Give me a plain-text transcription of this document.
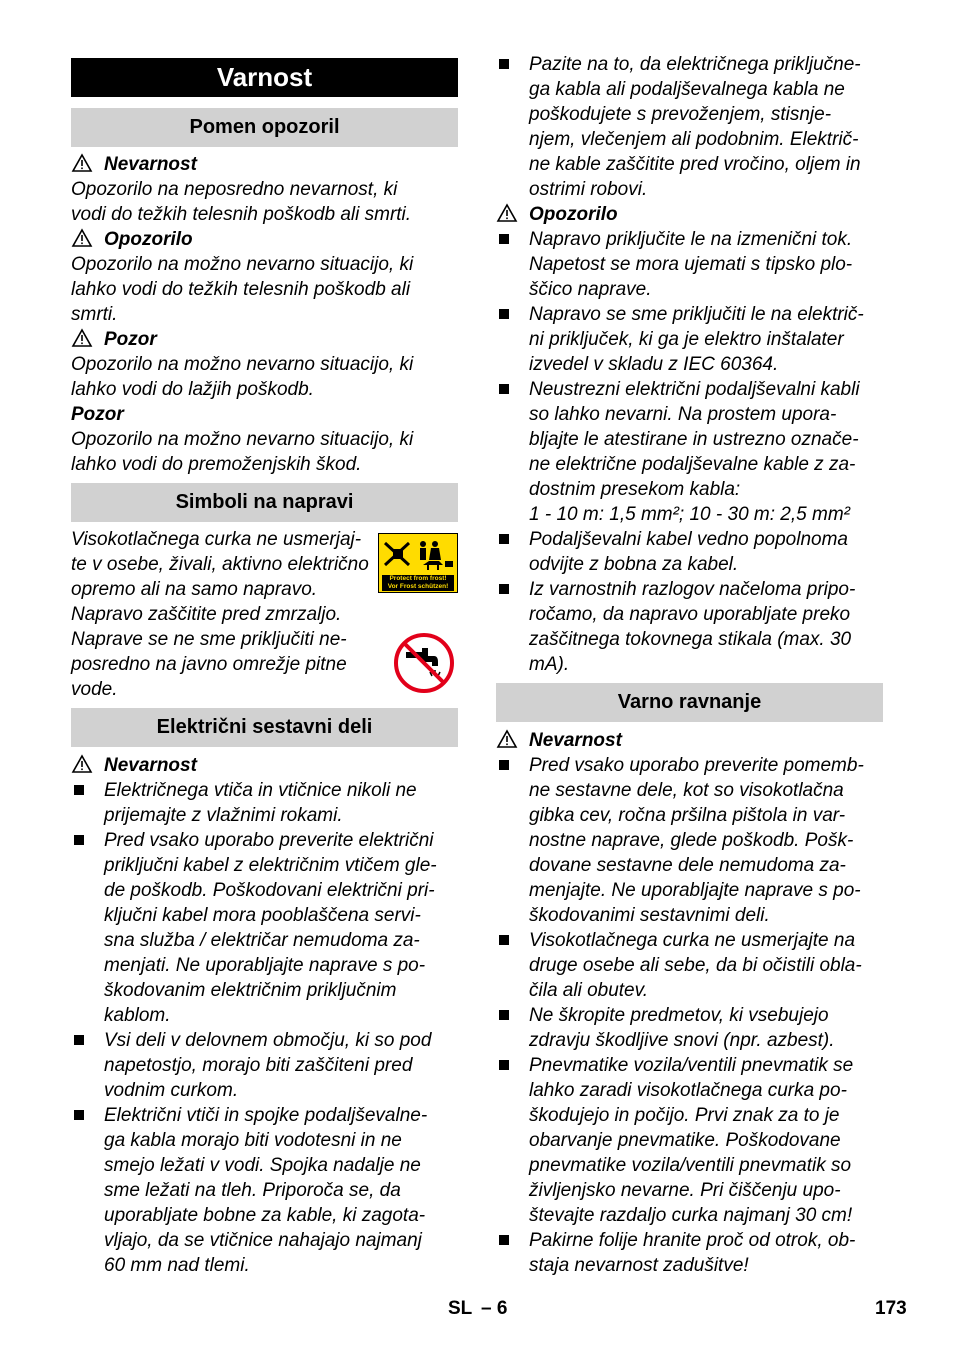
Varnost
Pomen opozoril
Nevarnost
Opozorilo na neposredno nevarnost, ki
vodi do težkih telesnih poškodb ali smrti.
Opozorilo
Opozorilo na možno nevarno situacijo, ki
lahko vodi do težkih telesnih poškodb ali
smrti.
Pozor
Opozorilo na možno nevarno situacijo, ki
lahko vodi do lažjih poškodb.
Pozor
Opozorilo na možno nevarno situacijo, ki
lahko vodi do premoženjskih škod.
Simboli na napravi
Visokotlačnega curka ne usmerjaj-
te v osebe, živali, aktivno električno
opremo ali na samo napravo.
Napravo zaščitite pred zmrzaljo.
Naprave se ne sme priključiti ne-
posredno na javno omrežje pitne
vode.
Protect from frost!
Vor Frost schützen!
Električni sestavni deli
Nevarnost
Električnega vtiča in vtičnice nikoli ne
prijemajte z vlažnimi rokami.
Pred vsako uporabo preverite električni
priključni kabel z električnim vtičem gle-
de poškodb. Poškodovani električni pri-
ključni kabel mora pooblaščena servi-
sna služba / električar nemudoma za-
menjati. Ne uporabljajte naprave s po-
škodovanim električnim priključnim
kablom.
Vsi deli v delovnem območju, ki so pod
napetostjo, morajo biti zaščiteni pred
vodnim curkom.
Električni vtiči in spojke podaljševalne-
ga kabla morajo biti vodotesni in ne
smejo ležati v vodi. Spojka nadalje ne
sme ležati na tleh. Priporoča se, da
uporabljate bobne za kable, ki zagota-
vljajo, da se vtičnice nahajajo najmanj
60 mm nad tlemi.
Pazite na to, da električnega priključne-
ga kabla ali podaljševalnega kabla ne
poškodujete s prevoženjem, stisnje-
njem, vlečenjem ali podobnim. Električ-
ne kable zaščitite pred vročino, oljem in
ostrimi robovi.
Opozorilo
Napravo priključite le na izmenični tok.
Napetost se mora ujemati s tipsko plo-
ščico naprave.
Napravo se sme priključiti le na električ-
ni priključek, ki ga je elektro inštalater
izvedel v skladu z IEC 60364.
Neustrezni električni podaljševalni kabli
so lahko nevarni. Na prostem upora-
bljajte le atestirane in ustrezno označe-
ne električne podaljševalne kable z za-
dostnim presekom kabla:
1 - 10 m: 1,5 mm²; 10 - 30 m: 2,5 mm²
Podaljševalni kabel vedno popolnoma
odvijte z bobna za kabel.
Iz varnostnih razlogov načeloma pripo-
ročamo, da napravo uporabljate preko
zaščitnega tokovnega stikala (max. 30
mA).
Varno ravnanje
Nevarnost
Pred vsako uporabo preverite pomemb-
ne sestavne dele, kot so visokotlačna
gibka cev, ročna pršilna pištola in var-
nostne naprave, glede poškodb. Pošk-
dovane sestavne dele nemudoma za-
menjajte. Ne uporabljajte naprave s po-
škodovanimi sestavnimi deli.
Visokotlačnega curka ne usmerjajte na
druge osebe ali sebe, da bi očistili obla-
čila ali obutev.
Ne škropite predmetov, ki vsebujejo
zdravju škodljive snovi (npr. azbest).
Pnevmatike vozila/ventili pnevmatik se
lahko zaradi visokotlačnega curka po-
škodujejo in počijo. Prvi znak za to je
obarvanje pnevmatike. Poškodovane
pnevmatike vozila/ventili pnevmatik so
življenjsko nevarne. Pri čiščenju upo-
števajte razdaljo curka najmanj 30 cm!
Pakirne folije hranite proč od otrok, ob-
staja nevarnost zadušitve!
SL – 6	173
